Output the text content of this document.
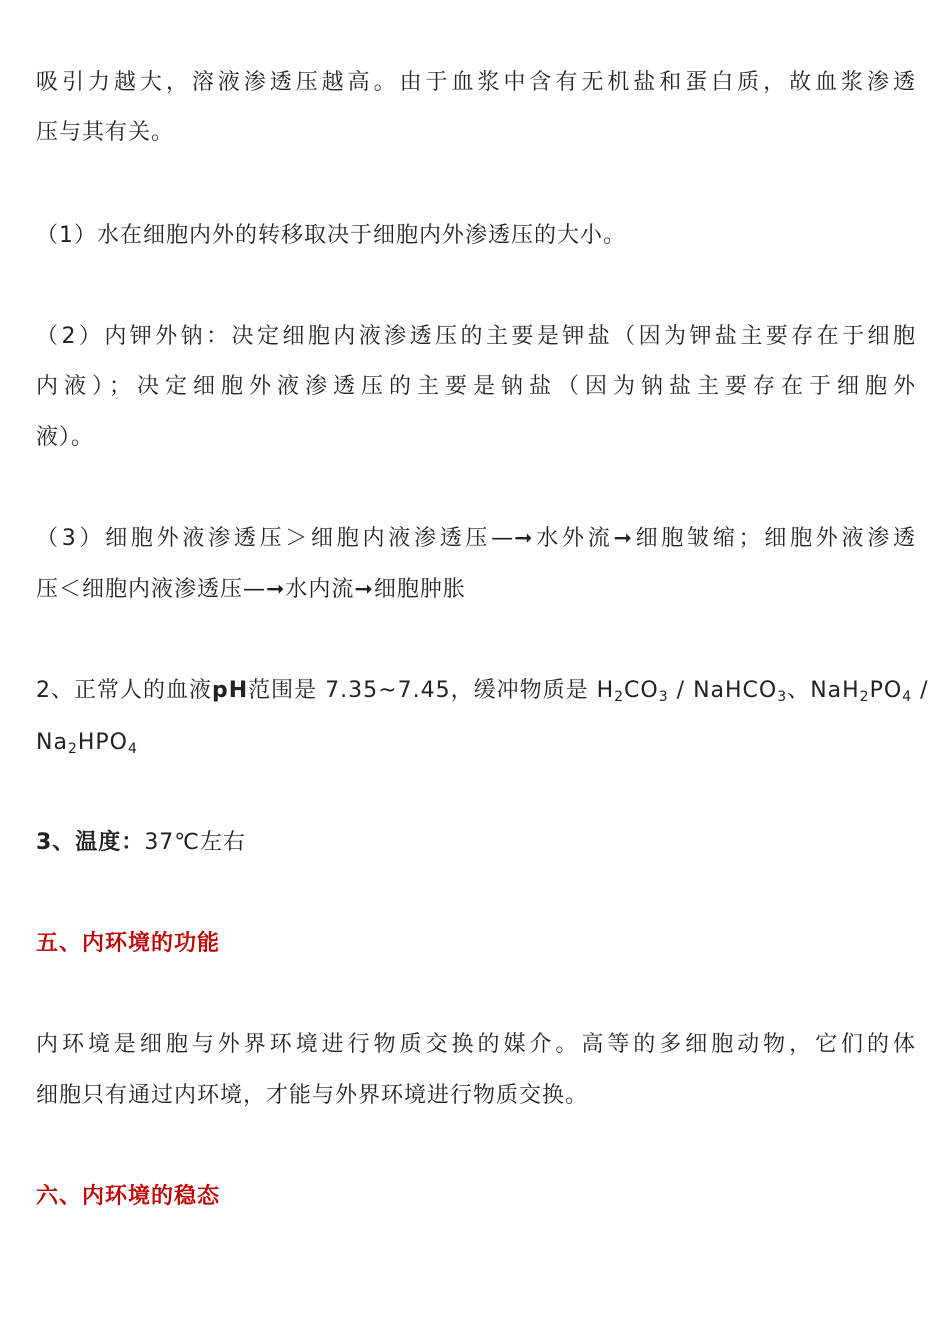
吸引力越大，溶液渗透压越高。由于血浆中含有无机盐和蛋白质，故血浆渗透
压与其有关。
（1）水在细胞内外的转移取决于细胞内外渗透压的大小。
（2）内钾外钠：决定细胞内液渗透压的主要是钾盐（因为钾盐主要存在于细胞
内液）；决定细胞外液渗透压的主要是钠盐（因为钠盐主要存在于细胞外
液）。
（3）细胞外液渗透压＞细胞内液渗透压—➞水外流➞细胞皱缩；细胞外液渗透
压＜细胞内液渗透压—➞水内流➞细胞肿胀
2、正常人的血液pH范围是 7.35~7.45，缓冲物质是 $H_2CO_3$ / NaHCO$_3$、$NaH_2PO_4$ /
$Na_2HPO_4$
3、温度：37℃左右
五、内环境的功能
内环境是细胞与外界环境进行物质交换的媒介。高等的多细胞动物，它们的体
细胞只有通过内环境，才能与外界环境进行物质交换。
六、内环境的稳态
